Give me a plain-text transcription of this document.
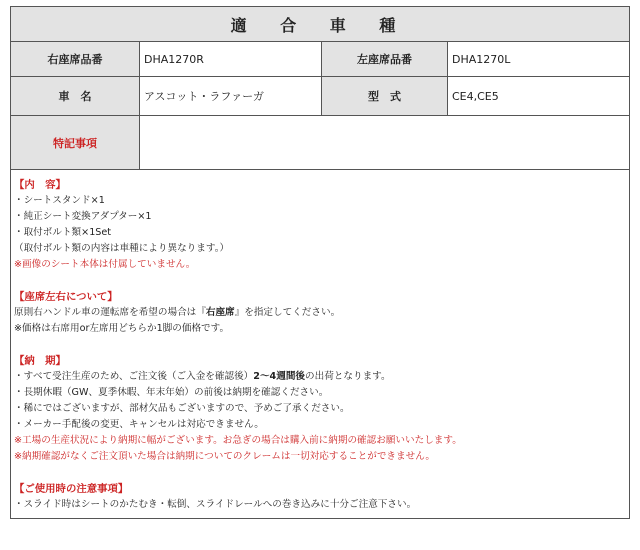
適 合 車 種
右座席品番	DHA1270R	左座席品番	DHA1270L
車　名	アスコット・ラファーガ	型　式	CE4,CE5
特記事項
【内　容】
・シートスタンド×1
・純正シート変換アダプター×1
・取付ボルト類×1Set
（取付ボルト類の内容は車種により異なります。）
※画像のシート本体は付属していません。
【座席左右について】
原則右ハンドル車の運転席を希望の場合は『右座席』を指定してください。
※価格は右席用or左席用どちらか1脚の価格です。
【納　期】
・すべて受注生産のため、ご注文後（ご入金を確認後）2～4週間後の出荷となります。
・長期休暇（GW、夏季休暇、年末年始）の前後は納期を確認ください。
・稀にではございますが、部材欠品もございますので、予めご了承ください。
・メーカー手配後の変更、キャンセルは対応できません。
※工場の生産状況により納期に幅がございます。お急ぎの場合は購入前に納期の確認お願いいたします。
※納期確認がなくご注文頂いた場合は納期についてのクレームは一切対応することができません。
【ご使用時の注意事項】
・スライド時はシートのかたむき・転倒、スライドレールへの巻き込みに十分ご注意下さい。
